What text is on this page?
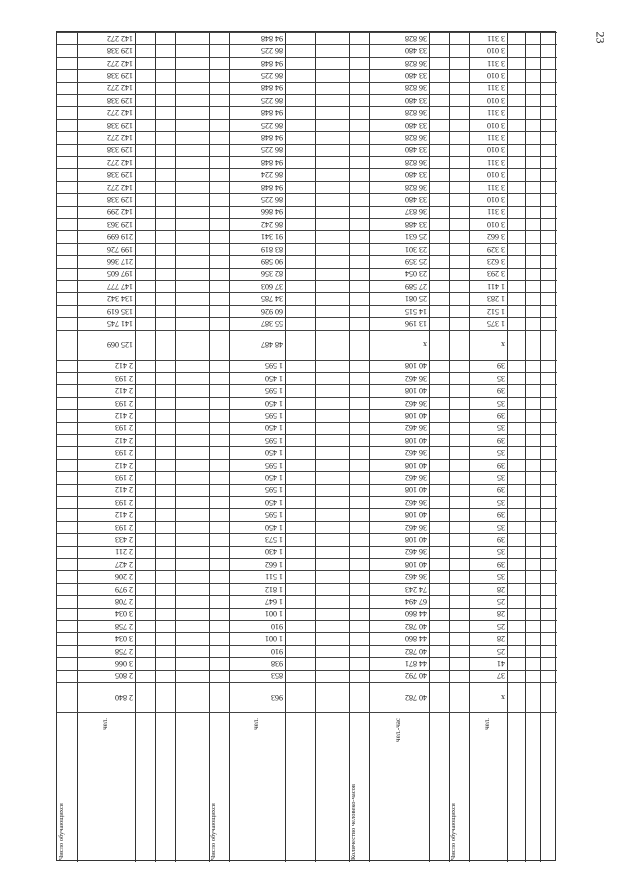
23
2 840
2 805
3 066
2 758
3 034
2 758
3 034
2 708
2 979
2 206
2 427
2 211
2 433
2 193
2 412
2 193
2 412
2 193
2 412
2 193
2 412
2 193
2 412
2 193
2 412
2 193
2 412
125 069
141 745
135 619
134 342
147 777
197 605
217 366
199 726
219 699
129 363
142 299
129 338
142 272
129 338
142 272
129 338
142 272
129 338
142 272
129 338
142 272
129 338
142 272
129 338
142 272
чел.
Число обучающихся
963
853
938
910
1 001
910
1 001
1 647
1 812
1 511
1 662
1 430
1 573
1 450
1 595
1 450
1 595
1 450
1 595
1 450
1 595
1 450
1 595
1 450
1 595
1 450
1 595
48 487
55 387
60 926
34 785
37 603
82 356
90 589
83 819
91 341
86 242
94 866
86 225
94 848
86 224
94 848
86 225
94 848
86 225
94 848
86 225
94 848
86 225
94 848
86 225
94 848
чел.
Число обучающихся
40 782
40 792
44 871
40 782
44 860
40 782
44 860
67 494
74 243
36 462
40 108
36 462
40 108
36 462
40 108
36 462
40 108
36 462
40 108
36 462
40 108
36 462
40 108
36 462
40 108
36 462
40 108
x
13 196
14 515
25 081
27 589
23 054
25 359
23 301
25 631
33 488
36 837
33 480
36 828
33 480
36 828
33 480
36 828
33 480
36 828
33 480
36 828
33 480
36 828
33 480
36 828
чел.-час
Количество человеко-часов
x
37
41
25
28
25
28
25
28
35
39
35
39
35
39
35
39
35
39
35
39
35
39
35
39
35
39
x
1 375
1 512
1 283
1 411
3 293
3 623
3 329
3 662
3 010
3 311
3 010
3 311
3 010
3 311
3 010
3 311
3 010
3 311
3 010
3 311
3 010
3 311
3 010
3 311
чел.
Число обучающихся
